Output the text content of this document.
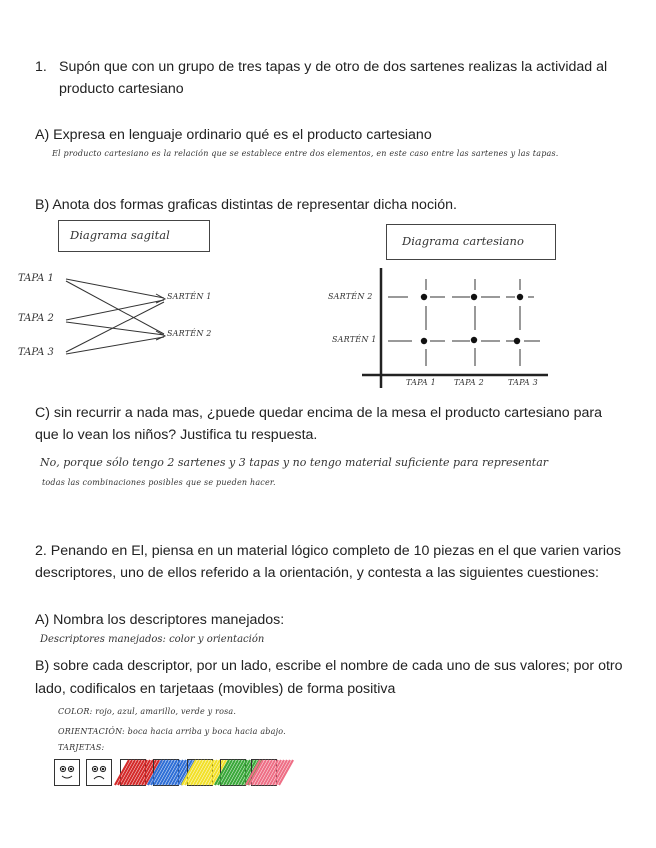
1. Supón que con un grupo de tres tapas y de otro de dos sartenes realizas la actividad al
producto cartesiano
A) Expresa en lenguaje ordinario qué es el producto cartesiano
El producto cartesiano es la relación que se establece entre dos elementos, en este caso entre las sartenes y las tapas.
B) Anota dos formas graficas distintas de representar dicha noción.
Diagrama sagital
TAPA 1
TAPA 2
TAPA 3
SARTÉN 1
SARTÉN 2
Diagrama cartesiano
SARTÉN 2
SARTÉN 1
TAPA 1 TAPA 2	TAPA 3
C) sin recurrir a nada mas, ¿puede quedar encima de la mesa el producto cartesiano para
que lo vean los niños? Justifica tu respuesta.
No, porque sólo tengo 2 sartenes y 3 tapas y no tengo material suficiente para representar
todas las combinaciones posibles que se pueden hacer.
2. Penando en El, piensa en un material lógico completo de 10 piezas en el que varien varios
descriptores, uno de ellos referido a la orientación, y contesta a las siguientes cuestiones:
A) Nombra los descriptores manejados:
Descriptores manejados: color y orientación
B) sobre cada descriptor, por un lado, escribe el nombre de cada uno de sus valores; por otro
lado, codificalos en tarjetaas (movibles) de forma positiva
COLOR: rojo, azul, amarillo, verde y rosa.
ORIENTACIÓN: boca hacia arriba y boca hacia abajo.
TARJETAS:
